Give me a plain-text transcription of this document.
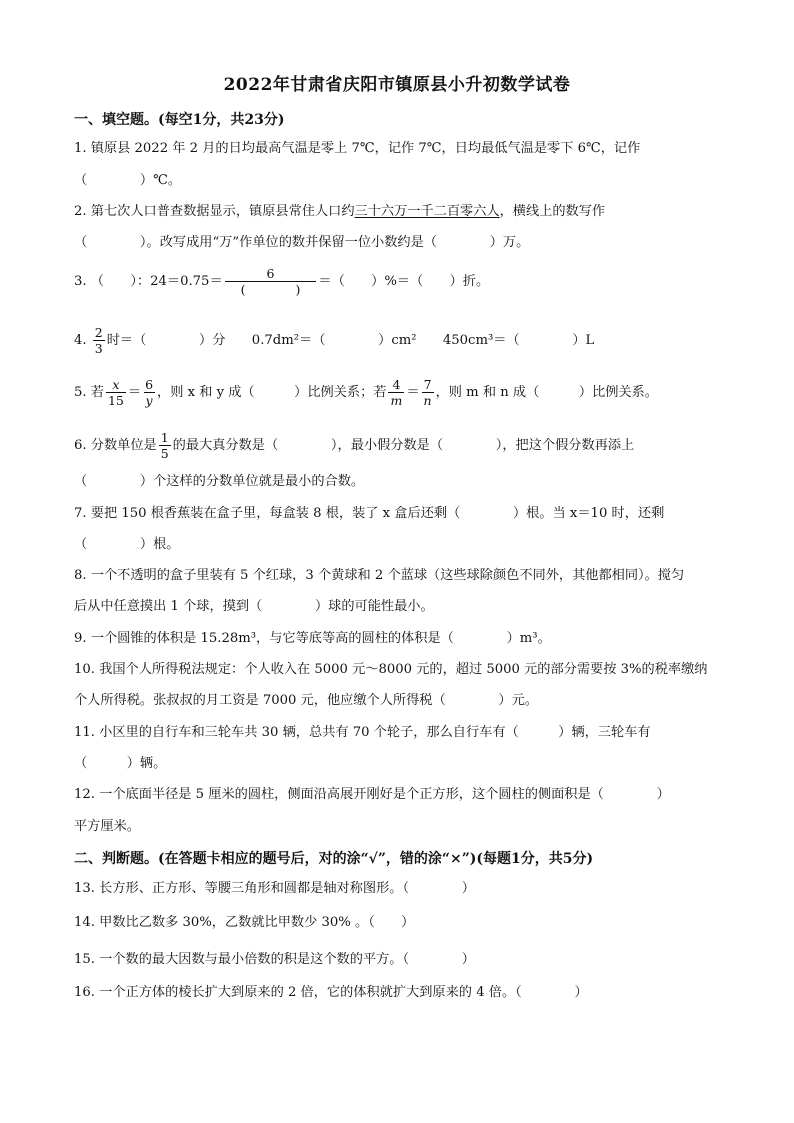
2022年甘肃省庆阳市镇原县小升初数学试卷
一、填空题。(每空1分，共23分)
1. 镇原县 2022 年 2 月的日均最高气温是零上 7℃，记作 7℃，日均最低气温是零下 6℃，记作
（　　　　）℃。
2. 第七次人口普查数据显示，镇原县常住人口约三十六万一千二百零六人，横线上的数写作
（　　　　）。改写成用“万”作单位的数并保留一位小数约是（　　　　）万。
3. （　　）：$24=0.75= \frac{6}{( )}$ ＝（　　）%＝（　　）折。
4. $\frac{2}{3}$ 时＝（　　　　）分　　0.7dm²＝（　　　　）cm²　　450cm³＝（　　　　）L
5. 若 $\frac{x}{15} = \frac{6}{y}$ ，则 x 和 y 成（　　　）比例关系；若 $\frac{4}{m} = \frac{7}{n}$ ，则 m 和 n 成（　　　）比例关系。
6. 分数单位是 $\frac{1}{5}$ 的最大真分数是（　　　　），最小假分数是（　　　　），把这个假分数再添上
（　　　　）个这样的分数单位就是最小的合数。
7. 要把 150 根香蕉装在盒子里，每盒装 8 根，装了 x 盒后还剩（　　　　）根。当 x＝10 时，还剩
（　　　　）根。
8. 一个不透明的盒子里装有 5 个红球，3 个黄球和 2 个蓝球（这些球除颜色不同外，其他都相同）。搅匀
后从中任意摸出 1 个球，摸到（　　　　）球的可能性最小。
9. 一个圆锥的体积是 15.28m³，与它等底等高的圆柱的体积是（　　　　）m³。
10. 我国个人所得税法规定：个人收入在 5000 元～8000 元的，超过 5000 元的部分需要按 3%的税率缴纳
个人所得税。张叔叔的月工资是 7000 元，他应缴个人所得税（　　　　）元。
11. 小区里的自行车和三轮车共 30 辆，总共有 70 个轮子，那么自行车有（　　　）辆，三轮车有
（　　　）辆。
12. 一个底面半径是 5 厘米的圆柱，侧面沿高展开刚好是个正方形，这个圆柱的侧面积是（　　　　）
平方厘米。
二、判断题。(在答题卡相应的题号后，对的涂“√”，错的涂“×”)(每题1分，共5分)
13. 长方形、正方形、等腰三角形和圆都是轴对称图形。（　　　　）
14. 甲数比乙数多 30%，乙数就比甲数少 30% 。（　　）
15. 一个数的最大因数与最小倍数的积是这个数的平方。（　　　　）
16. 一个正方体的棱长扩大到原来的 2 倍，它的体积就扩大到原来的 4 倍。（　　　　）
